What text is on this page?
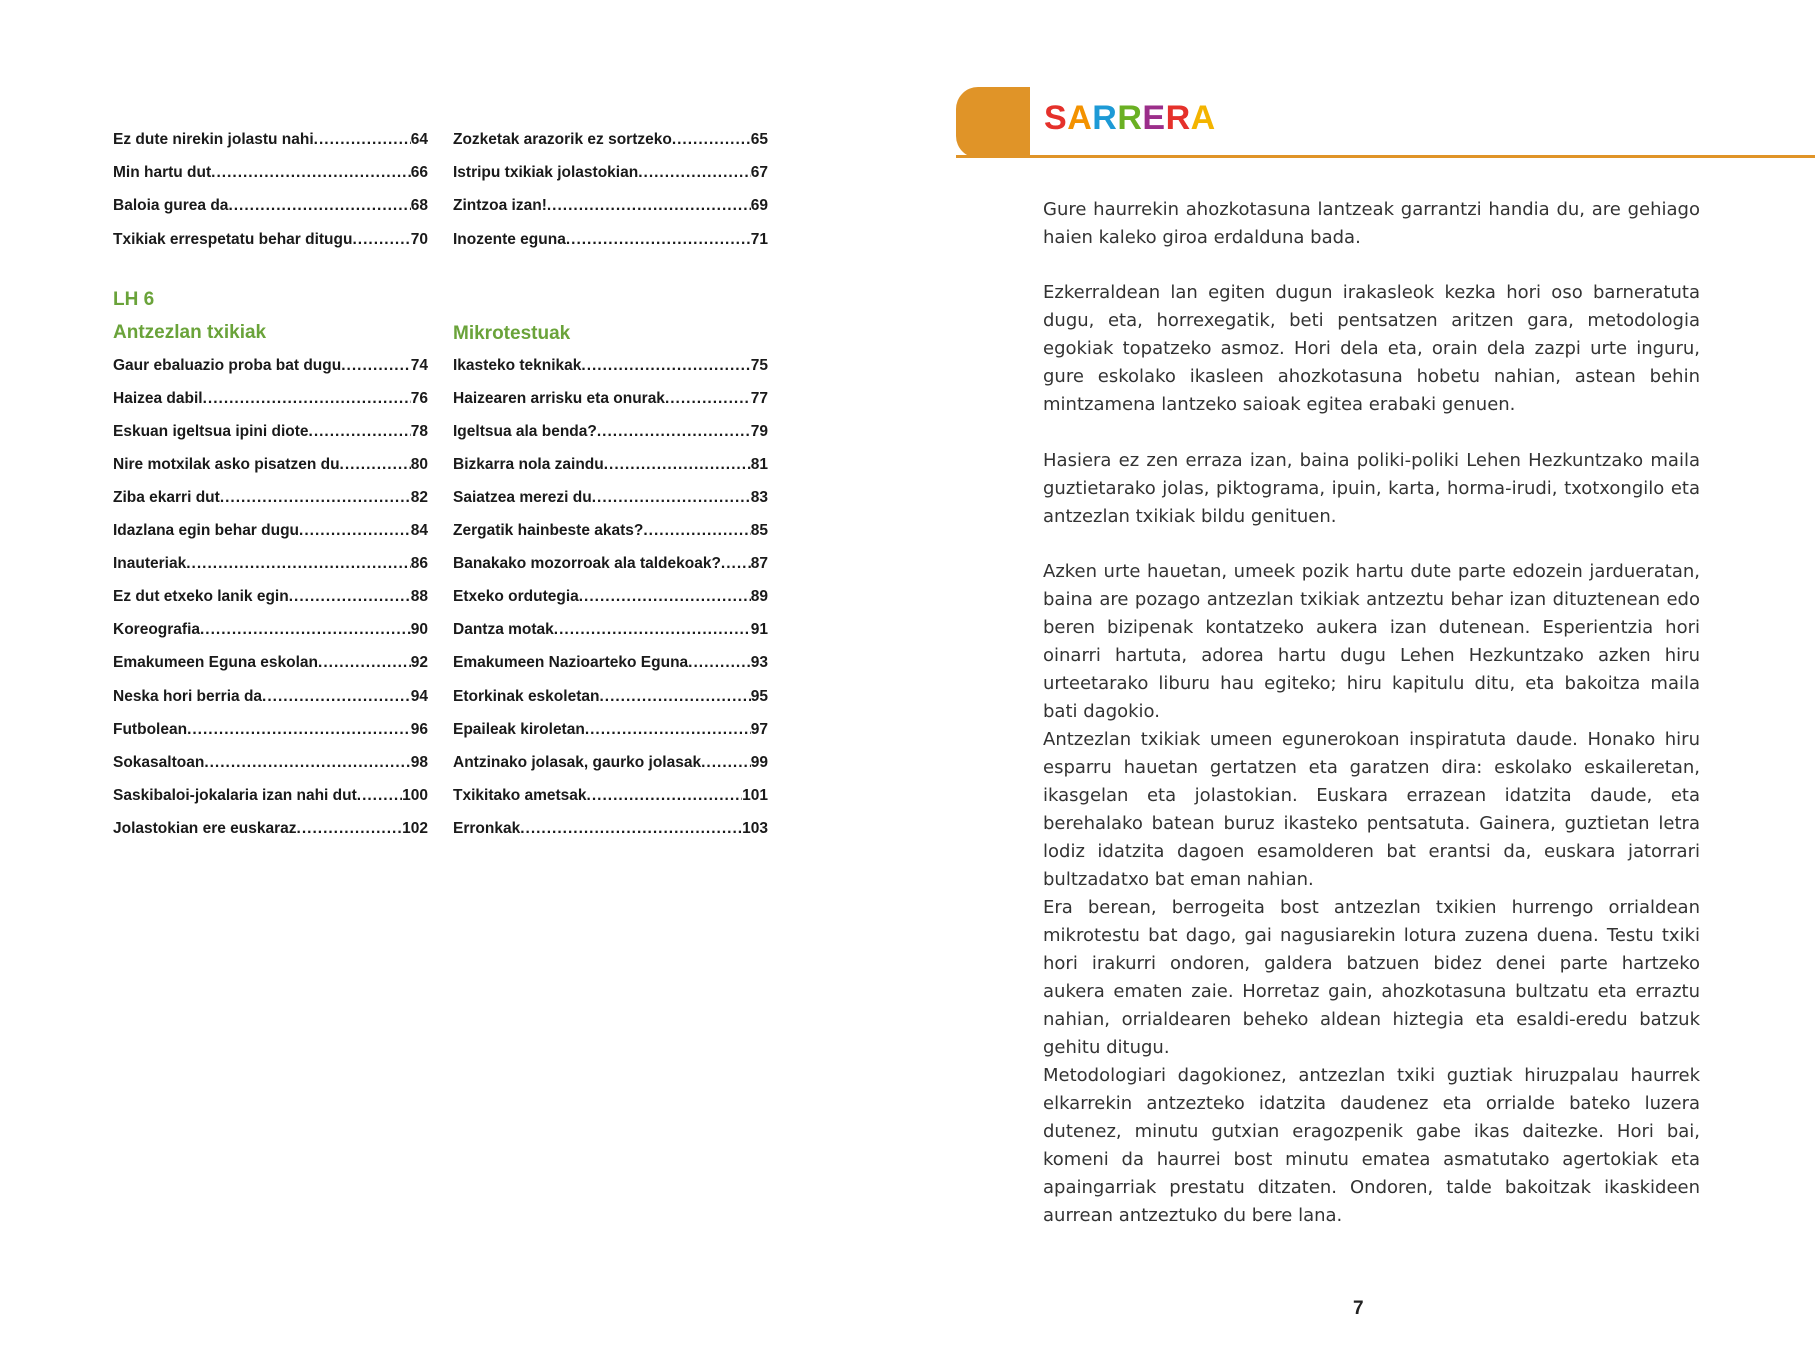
Ez dute nirekin jolastu nahi .....	64
Min hartu dut .....	66
Baloia gurea da .....	68
Txikiak errespetatu behar ditugu .....	70
Zozketak arazorik ez sortzeko .....	65
Istripu txikiak jolastokian .....	67
Zintzoa izan! .....	69
Inozente eguna .....	71
LH 6
Antzezlan txikiak	Mikrotestuak
Gaur ebaluazio proba bat dugu .....	74
Haizea dabil .....	76
Eskuan igeltsua ipini diote .....	78
Nire motxilak asko pisatzen du .....	80
Ziba ekarri dut .....	82
Idazlana egin behar dugu .....	84
Inauteriak .....	86
Ez dut etxeko lanik egin .....	88
Koreografia .....	90
Emakumeen Eguna eskolan .....	92
Neska hori berria da .....	94
Futbolean .....	96
Sokasaltoan .....	98
Saskibaloi-jokalaria izan nahi dut .....	100
Jolastokian ere euskaraz .....	102
Ikasteko teknikak .....	75
Haizearen arrisku eta onurak .....	77
Igeltsua ala benda? .....	79
Bizkarra nola zaindu .....	81
Saiatzea merezi du .....	83
Zergatik hainbeste akats? .....	85
Banakako mozorroak ala taldekoak? ..... 87
Etxeko ordutegia .....	89
Dantza motak .....	91
Emakumeen Nazioarteko Eguna .....	93
Etorkinak eskoletan .....	95
Epaileak kiroletan .....	97
Antzinako jolasak, gaurko jolasak .....	99
Txikitako ametsak .....	101
Erronkak .....	103
SARRERA

Gure haurrekin ahozkotasuna lantzeak garrantzi handia du, are gehiago haien kaleko giroa erdalduna bada.

Ezkerraldean lan egiten dugun irakasleok kezka hori oso barneratuta dugu, eta, horrexegatik, beti pentsatzen aritzen gara, metodologia egokiak topatzeko asmoz. Hori dela eta, orain dela zazpi urte inguru, gure eskolako ikasleen ahozkotasuna hobetu nahian, astean behin mintzamena lantzeko saioak egitea erabaki genuen.

Hasiera ez zen erraza izan, baina poliki-poliki Lehen Hezkuntzako maila guztietarako jolas, piktograma, ipuin, karta, horma-irudi, txotxongilo eta antzezlan txikiak bildu genituen.

Azken urte hauetan, umeek pozik hartu dute parte edozein jardueratan, baina are pozago antzezlan txikiak antzeztu behar izan dituztenean edo beren bizipenak kontatzeko aukera izan dutenean. Esperientzia hori oinarri hartuta, adorea hartu dugu Lehen Hezkuntzako azken hiru urteetarako liburu hau egiteko; hiru kapitulu ditu, eta bakoitza maila bati dagokio.

Antzezlan txikiak umeen egunerokoan inspiratuta daude. Honako hiru esparru hauetan gertatzen eta garatzen dira: eskolako eskaileretan, ikasgelan eta jolastokian. Euskara errazean idatzita daude, eta berehalako batean buruz ikasteko pentsatuta. Gainera, guztietan letra lodiz idatzita dagoen esamolderen bat erantsi da, euskara jatorrari bultzadatxo bat eman nahian.

Era berean, berrogeita bost antzezlan txikien hurrengo orrialdean mikrotestu bat dago, gai nagusiarekin lotura zuzena duena. Testu txiki hori irakurri ondoren, galdera batzuen bidez denei parte hartzeko aukera ematen zaie. Horretaz gain, ahozkotasuna bultzatu eta erraztu nahian, orrialdearen beheko aldean hiztegia eta esaldi-eredu batzuk gehitu ditugu.

Metodologiari dagokionez, antzezlan txiki guztiak hiruzpalau haurrek elkarrekin antzezteko idatzita daudenez eta orrialde bateko luzera dutenez, minutu gutxian eragozpenik gabe ikas daitezke. Hori bai, komeni da haurrei bost minutu ematea asmatutako agertokiak eta apaingarriak prestatu ditzaten. Ondoren, talde bakoitzak ikaskideen aurrean antzeztuko du bere lana.

7
